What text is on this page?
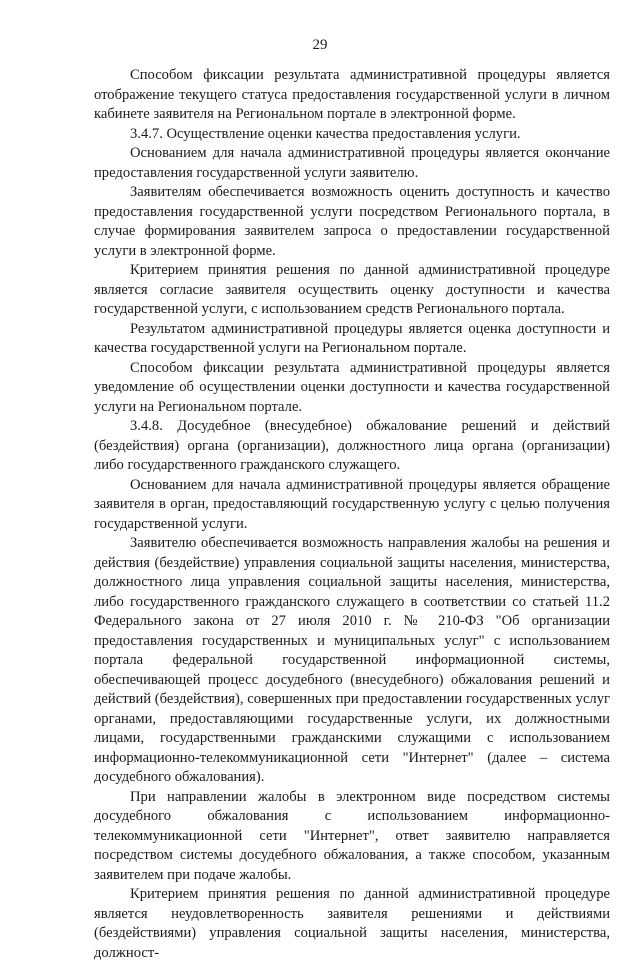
29

Способом фиксации результата административной процедуры является отображение текущего статуса предоставления государственной услуги в личном кабинете заявителя на Региональном портале в электронной форме.

3.4.7. Осуществление оценки качества предоставления услуги.

Основанием для начала административной процедуры является окончание предоставления государственной услуги заявителю.

Заявителям обеспечивается возможность оценить доступность и качество предоставления государственной услуги посредством Регионального портала, в случае формирования заявителем запроса о предоставлении государственной услуги в электронной форме.

Критерием принятия решения по данной административной процедуре является согласие заявителя осуществить оценку доступности и качества государственной услуги, с использованием средств Регионального портала.

Результатом административной процедуры является оценка доступности и качества государственной услуги на Региональном портале.

Способом фиксации результата административной процедуры является уведомление об осуществлении оценки доступности и качества государственной услуги на Региональном портале.

3.4.8. Досудебное (внесудебное) обжалование решений и действий (бездействия) органа (организации), должностного лица органа (организации) либо государственного гражданского служащего.

Основанием для начала административной процедуры является обращение заявителя в орган, предоставляющий государственную услугу с целью получения государственной услуги.

Заявителю обеспечивается возможность направления жалобы на решения и действия (бездействие) управления социальной защиты населения, министерства, должностного лица управления социальной защиты населения, министерства, либо государственного гражданского служащего в соответствии со статьей 11.2 Федерального закона от 27 июля 2010 г. № 210-ФЗ "Об организации предоставления государственных и муниципальных услуг" с использованием портала федеральной государственной информационной системы, обеспечивающей процесс досудебного (внесудебного) обжалования решений и действий (бездействия), совершенных при предоставлении государственных услуг органами, предоставляющими государственные услуги, их должностными лицами, государственными гражданскими служащими с использованием информационно-телекоммуникационной сети "Интернет" (далее – система досудебного обжалования).

При направлении жалобы в электронном виде посредством системы досудебного обжалования с использованием информационно-телекоммуникационной сети "Интернет", ответ заявителю направляется посредством системы досудебного обжалования, а также способом, указанным заявителем при подаче жалобы.

Критерием принятия решения по данной административной процедуре является неудовлетворенность заявителя решениями и действиями (бездействиями) управления социальной защиты населения, министерства, должност-
